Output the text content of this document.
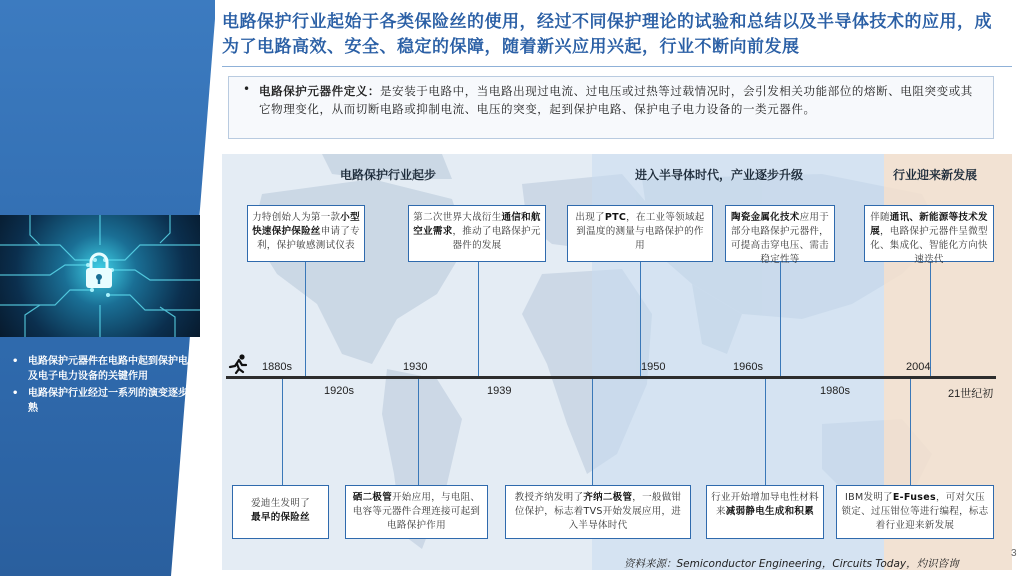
• 电路保护元器件在电路中起到保护电路及电子电力设备的关键作用
• 电路保护行业经过一系列的演变逐步成熟
电路保护行业起始于各类保险丝的使用，经过不同保护理论的试验和总结以及半导体技术的应用，成为了电路高效、安全、稳定的保障，随着新兴应用兴起，行业不断向前发展
• 电路保护元器件定义：是安装于电路中，当电路出现过电流、过电压或过热等过载情况时，会引发相关功能部位的熔断、电阻突变或其它物理变化，从而切断电路或抑制电流、电压的突变，起到保护电路、保护电子电力设备的一类元器件。

电路保护行业起步	进入半导体时代，产业逐步升级	行业迎来新发展
1880s	1930	1950	1960s	2004
1920s	1939	1980s	21世纪初
力特创始人为第一款小型快速保护保险丝申请了专利，保护敏感测试仪表
第二次世界大战衍生通信和航空业需求，推动了电路保护元器件的发展
出现了PTC，在工业等领域起到温度的测量与电路保护的作用
陶瓷金属化技术应用于部分电路保护元器件，可提高击穿电压、需击稳定性等
伴随通讯、新能源等技术发展，电路保护元器件呈微型化、集成化、智能化方向快速迭代
爱迪生发明了
最早的保险丝
硒二极管开始应用，与电阻、电容等元器件合理连接可起到电路保护作用
教授齐纳发明了齐纳二极管，一般做钳位保护，标志着TVS开始发展应用，进入半导体时代
行业开始增加导电性材料来减弱静电生成和积累
IBM发明了E-Fuses，可对欠压锁定、过压钳位等进行编程，标志着行业迎来新发展
资料来源：Semiconductor Engineering，Circuits Today，灼识咨询
3
